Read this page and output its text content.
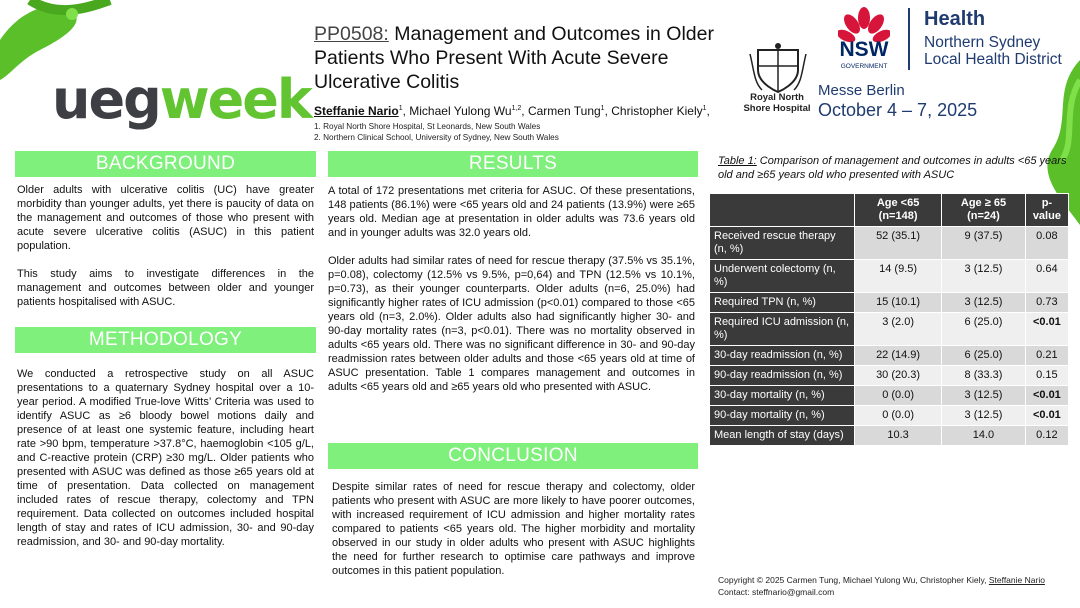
uegweek
PP0508: Management and Outcomes in Older Patients Who Present With Acute Severe Ulcerative Colitis
Steffanie Nario$^1$, Michael Yulong Wu$^{1,2}$, Carmen Tung$^1$, Christopher Kiely$^1$,
1. Royal North Shore Hospital, St Leonards, New South Wales
2. Northern Clinical School, University of Sydney, New South Wales
Royal North Shore Hospital
NSW
GOVERNMENT
Health
Northern Sydney
Local Health District
Messe Berlin
October 4 – 7, 2025
BACKGROUND

Older adults with ulcerative colitis (UC) have greater morbidity than younger adults, yet there is paucity of data on the management and outcomes of those who present with acute severe ulcerative colitis (ASUC) in this patient population.

This study aims to investigate differences in the management and outcomes between older and younger patients hospitalised with ASUC.

METHODOLOGY
We conducted a retrospective study on all ASUC presentations to a quaternary Sydney hospital over a 10-year period. A modified True-love Witts’ Criteria was used to identify ASUC as ≥6 bloody bowel motions daily and presence of at least one systemic feature, including heart rate >90 bpm, temperature >37.8°C, haemoglobin <105 g/L, and C-reactive protein (CRP) ≥30 mg/L. Older patients who presented with ASUC was defined as those ≥65 years old at time of presentation. Data collected on management included rates of rescue therapy, colectomy and TPN requirement. Data collected on outcomes included hospital length of stay and rates of ICU admission, 30- and 90-day readmission, and 30- and 90-day mortality.
RESULTS

A total of 172 presentations met criteria for ASUC. Of these presentations, 148 patients (86.1%) were <65 years old and 24 patients (13.9%) were ≥65 years old. Median age at presentation in older adults was 73.6 years old and in younger adults was 32.0 years old.

Older adults had similar rates of need for rescue therapy (37.5% vs 35.1%, p=0.08), colectomy (12.5% vs 9.5%, p=0,64) and TPN (12.5% vs 10.1%, p=0.73), as their younger counterparts. Older adults (n=6, 25.0%) had significantly higher rates of ICU admission (p<0.01) compared to those <65 years old (n=3, 2.0%). Older adults also had significantly higher 30- and 90-day mortality rates (n=3, p<0.01). There was no mortality observed in adults <65 years old. There was no significant difference in 30- and 90-day readmission rates between older adults and those <65 years old at time of ASUC presentation. Table 1 compares management and outcomes in adults <65 years old and ≥65 years old who presented with ASUC.

CONCLUSION
Despite similar rates of need for rescue therapy and colectomy, older patients who present with ASUC are more likely to have poorer outcomes, with increased requirement of ICU admission and higher mortality rates compared to patients <65 years old. The higher morbidity and mortality observed in our study in older adults who present with ASUC highlights the need for further research to optimise care pathways and improve outcomes in this patient population.
Table 1: Comparison of management and outcomes in adults <65 years old and ≥65 years old who presented with ASUC
	Age <65 (n=148)	Age ≥ 65 (n=24)	p-value
Received rescue therapy (n, %)	52 (35.1)	9 (37.5)	0.08
Underwent colectomy (n, %)	14 (9.5)	3 (12.5)	0.64
Required TPN (n, %)	15 (10.1)	3 (12.5)	0.73
Required ICU admission (n, %)	3 (2.0)	6 (25.0)	<0.01
30-day readmission (n, %)	22 (14.9)	6 (25.0)	0.21
90-day readmission (n, %)	30 (20.3)	8 (33.3)	0.15
30-day mortality (n, %)	0 (0.0)	3 (12.5)	<0.01
90-day mortality (n, %)	0 (0.0)	3 (12.5)	<0.01
Mean length of stay (days)	10.3	14.0	0.12
Copyright © 2025 Carmen Tung, Michael Yulong Wu, Christopher Kiely, Steffanie Nario
Contact: steffnario@gmail.com
